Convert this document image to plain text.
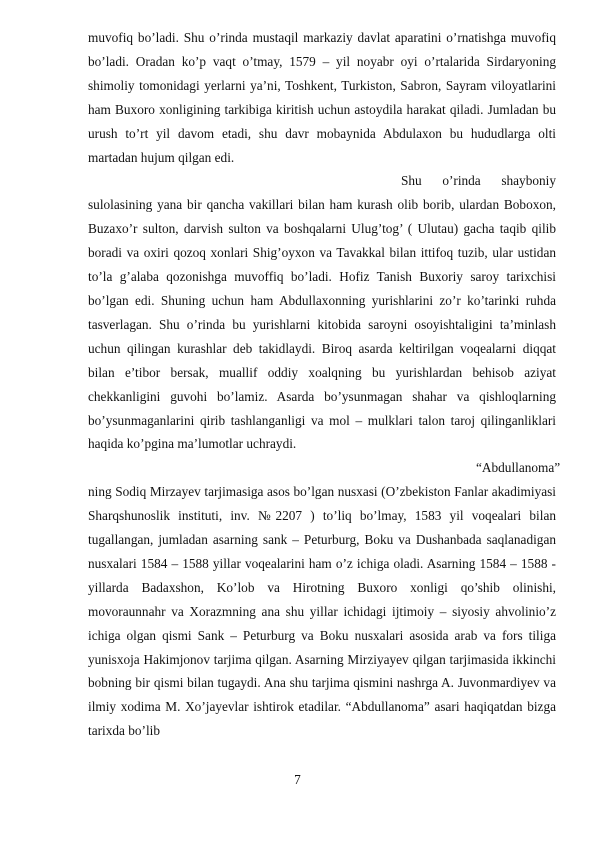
muvofiq bo’ladi. Shu o’rinda mustaqil markaziy davlat aparatini o’rnatishga muvofiq bo’ladi. Oradan ko’p vaqt o’tmay, 1579 – yil noyabr oyi o’rtalarida Sirdaryoning shimoliy tomonidagi yerlarni ya’ni, Toshkent, Turkiston, Sabron, Sayram viloyatlarini ham Buxoro xonligining tarkibiga kiritish uchun astoydila harakat qiladi. Jumladan bu urush to’rt yil davom etadi, shu davr mobaynida Abdulaxon bu hududlarga olti martadan hujum qilgan edi.

Shu o’rinda shayboniy sulolasining yana bir qancha vakillari bilan ham kurash olib borib, ulardan Boboxon, Buzaxo’r sulton, darvish sulton va boshqalarni Ulug’tog’ ( Ulutau) gacha taqib qilib boradi va oxiri qozoq xonlari Shig’oyxon va Tavakkal bilan ittifoq tuzib, ular ustidan to’la g’alaba qozonishga muvoffiq bo’ladi. Hofiz Tanish Buxoriy saroy tarixchisi bo’lgan edi. Shuning uchun ham Abdullaxonning yurishlarini zo’r ko’tarinki ruhda tasverlagan. Shu o’rinda bu yurishlarni kitobida saroyni osoyishtaligini ta’minlash uchun qilingan kurashlar deb takidlaydi. Biroq asarda keltirilgan voqealarni diqqat bilan e’tibor bersak, muallif oddiy xoalqning bu yurishlardan behisob aziyat chekkanligini guvohi bo’lamiz. Asarda bo’ysunmagan shahar va qishloqlarning bo’ysunmaganlarini qirib tashlanganligi va mol – mulklari talon taroj qilinganliklari haqida ko’pgina ma’lumotlar uchraydi.

“Abdullanoma” ning Sodiq Mirzayev tarjimasiga asos bo’lgan nusxasi (O’zbekiston Fanlar akadimiyasi Sharqshunoslik instituti, inv. №2207 ) to’liq bo’lmay, 1583 yil voqealari bilan tugallangan, jumladan asarning sank – Peturburg, Boku va Dushanbada saqlanadigan nusxalari 1584 – 1588 yillar voqealarini ham o’z ichiga oladi. Asarning 1584 – 1588 - yillarda Badaxshon, Ko’lob va Hirotning Buxoro xonligi qo’shib olinishi, movoraunnahr va Xorazmning ana shu yillar ichidagi ijtimoiy – siyosiy ahvolinio’z ichiga olgan qismi Sank – Peturburg va Boku nusxalari asosida arab va fors tiliga yunisxoja Hakimjonov tarjima qilgan. Asarning Mirziyayev qilgan tarjimasida ikkinchi bobning bir qismi bilan tugaydi. Ana shu tarjima qismini nashrga A. Juvonmardiyev va ilmiy xodima M. Xo’jayevlar ishtirok etadilar. “Abdullanoma” asari haqiqatdan bizga tarixda bo’lib

7
